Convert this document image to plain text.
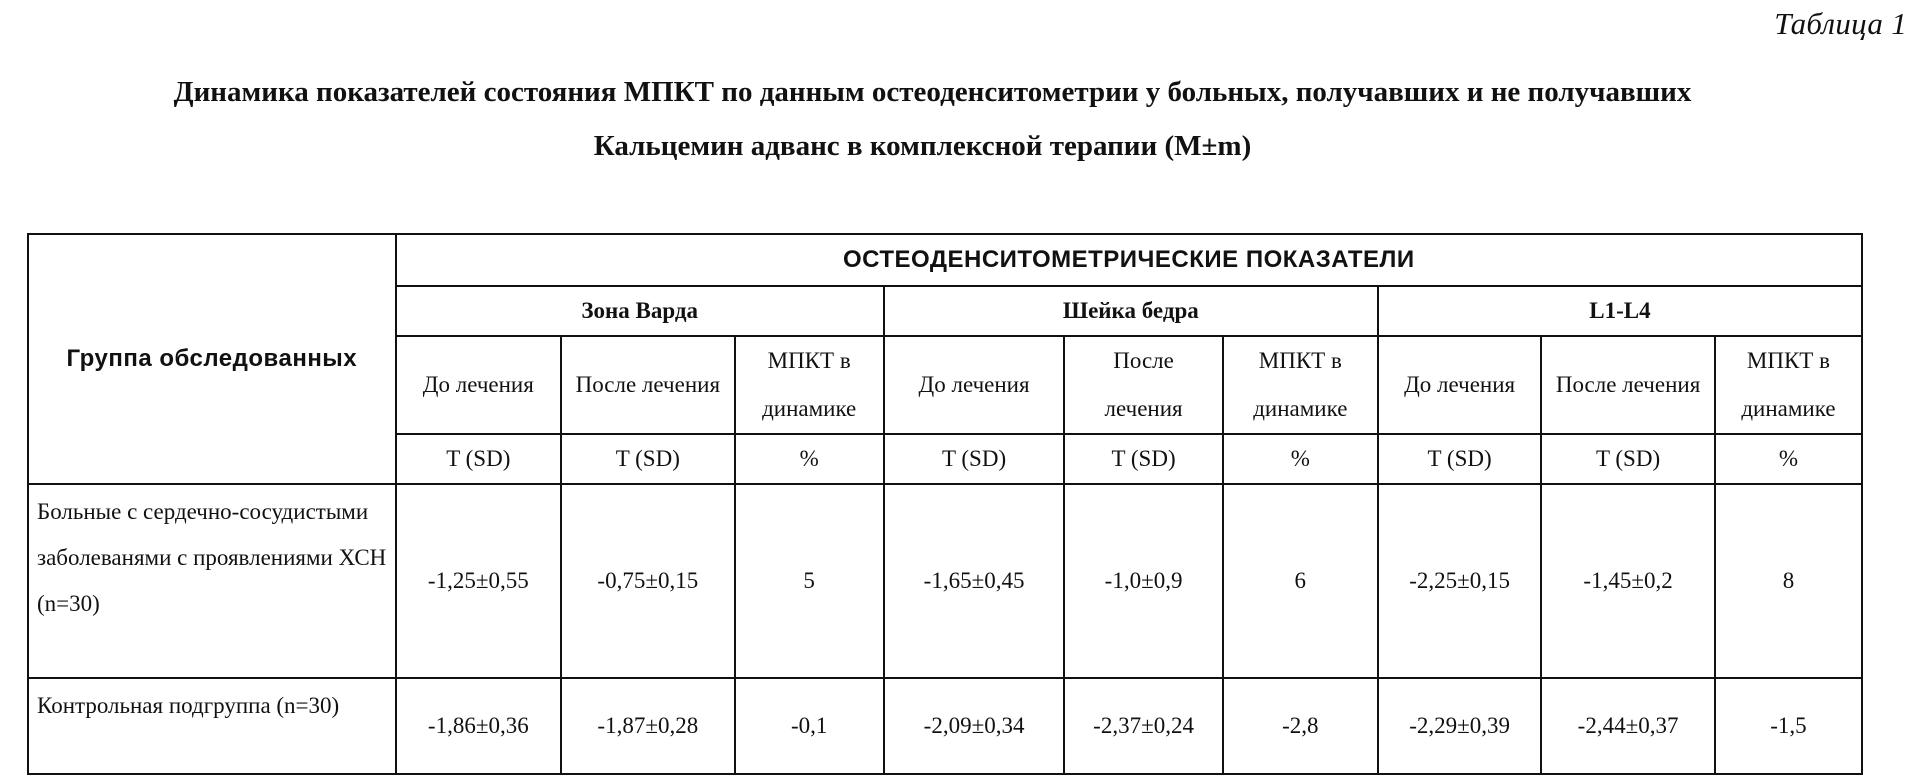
Таблица 1
Динамика показателей состояния МПКТ по данным остеоденситометрии у больных, получавших и не получавших
Кальцемин адванс в комплексной терапии (М±m)
Группа обследованных	ОСТЕОДЕНСИТОМЕТРИЧЕСКИЕ ПОКАЗАТЕЛИ								
	Зона Варда			Шейка бедра			L1-L4		
	До лечения	После лечения	МПКТ в динамике	До лечения	После лечения	МПКТ в динамике	До лечения	После лечения	МПКТ в динамике
	T (SD)	T (SD)	%	T (SD)	T (SD)	%	T (SD)	T (SD)	%
Больные с сердечно-сосудистыми заболеванями с проявлениями ХСН (n=30)	-1,25±0,55	-0,75±0,15	5	-1,65±0,45	-1,0±0,9	6	-2,25±0,15	-1,45±0,2	8
Контрольная подгруппа (n=30)	-1,86±0,36	-1,87±0,28	-0,1	-2,09±0,34	-2,37±0,24	-2,8	-2,29±0,39	-2,44±0,37	-1,5
